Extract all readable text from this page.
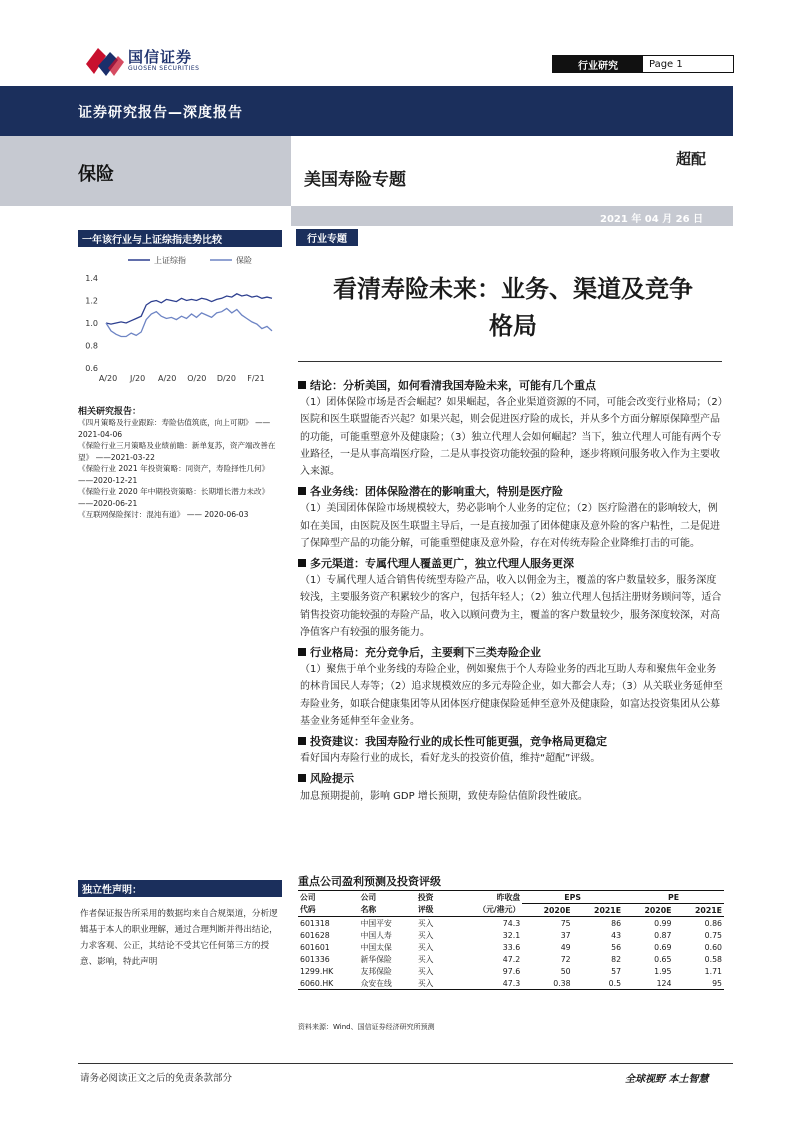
国信证券
GUOSEN SECURITIES	行业研究	Page 1
证券研究报告—深度报告
保险
2021 年 04 月 26 日
美国寿险专题
超配
一年该行业与上证综指走势比较
上证综指	保险
1.4
1.2
1.0
0.8
0.6
A/20 J/20 A/20 O/20 D/20 F/21
相关研究报告：
《四月策略及行业跟踪：寿险估值筑底，向上可期》 ——2021-04-06
《保险行业三月策略及业绩前瞻：新单复苏，资产端改善在望》 ——2021-03-22
《保险行业 2021 年投资策略：同资产，寿险择性几何》 ——2020-12-21
《保险行业 2020 年中期投资策略：长期增长潜力未改》 ——2020-06-21
《互联网保险探讨：混沌有道》 —— 2020-06-03
独立性声明：
作者保证报告所采用的数据均来自合规渠道，分析逻辑基于本人的职业理解，通过合理判断并得出结论，力求客观、公正，其结论不受其它任何第三方的授意、影响，特此声明
行业专题
看清寿险未来：业务、渠道及竞争
格局
结论：分析美国，如何看清我国寿险未来，可能有几个重点
（1）团体保险市场是否会崛起？如果崛起，各企业渠道资源的不同，可能会改变行业格局；（2）医院和医生联盟能否兴起？如果兴起，则会促进医疗险的成长，并从多个方面分解原保障型产品的功能，可能重塑意外及健康险；（3）独立代理人会如何崛起？当下，独立代理人可能有两个专业路径，一是从事高端医疗险，二是从事投资功能较强的险种，逐步将顾问服务收入作为主要收入来源。
各业务线：团体保险潜在的影响重大，特别是医疗险
（1）美国团体保险市场规模较大，势必影响个人业务的定位；（2）医疗险潜在的影响较大，例如在美国，由医院及医生联盟主导后，一是直接加强了团体健康及意外险的客户粘性，二是促进了保障型产品的功能分解，可能重塑健康及意外险，存在对传统寿险企业降维打击的可能。
多元渠道：专属代理人覆盖更广，独立代理人服务更深
（1）专属代理人适合销售传统型寿险产品，收入以佣金为主，覆盖的客户数量较多，服务深度较浅，主要服务资产积累较少的客户，包括年轻人；（2）独立代理人包括注册财务顾问等，适合销售投资功能较强的寿险产品，收入以顾问费为主，覆盖的客户数量较少，服务深度较深，对高净值客户有较强的服务能力。
行业格局：充分竞争后，主要剩下三类寿险企业
（1）聚焦于单个业务线的寿险企业，例如聚焦于个人寿险业务的西北互助人寿和聚焦年金业务的林肯国民人寿等；（2）追求规模效应的多元寿险企业，如大都会人寿；（3）从关联业务延伸至寿险业务，如联合健康集团等从团体医疗健康保险延伸至意外及健康险，如富达投资集团从公募基金业务延伸至年金业务。
投资建议：我国寿险行业的成长性可能更强，竞争格局更稳定
看好国内寿险行业的成长，看好龙头的投资价值，维持“超配”评级。
风险提示
加息预期提前，影响 GDP 增长预期，致使寿险估值阶段性破底。
重点公司盈利预测及投资评级
公司	公司	投资	昨收盘	EPS		PE	
代码	名称	评级	（元/港元）	2020E	2021E	2020E	2021E
601318	中国平安	买入	74.3	75	86	0.99	0.86
601628	中国人寿	买入	32.1	37	43	0.87	0.75
601601	中国太保	买入	33.6	49	56	0.69	0.60
601336	新华保险	买入	47.2	72	82	0.65	0.58
1299.HK	友邦保险	买入	97.6	50	57	1.95	1.71
6060.HK	众安在线	买入	47.3	0.38	0.5	124	95
资料来源：Wind、国信证券经济研究所预测
请务必阅读正文之后的免责条款部分	全球视野 本土智慧
